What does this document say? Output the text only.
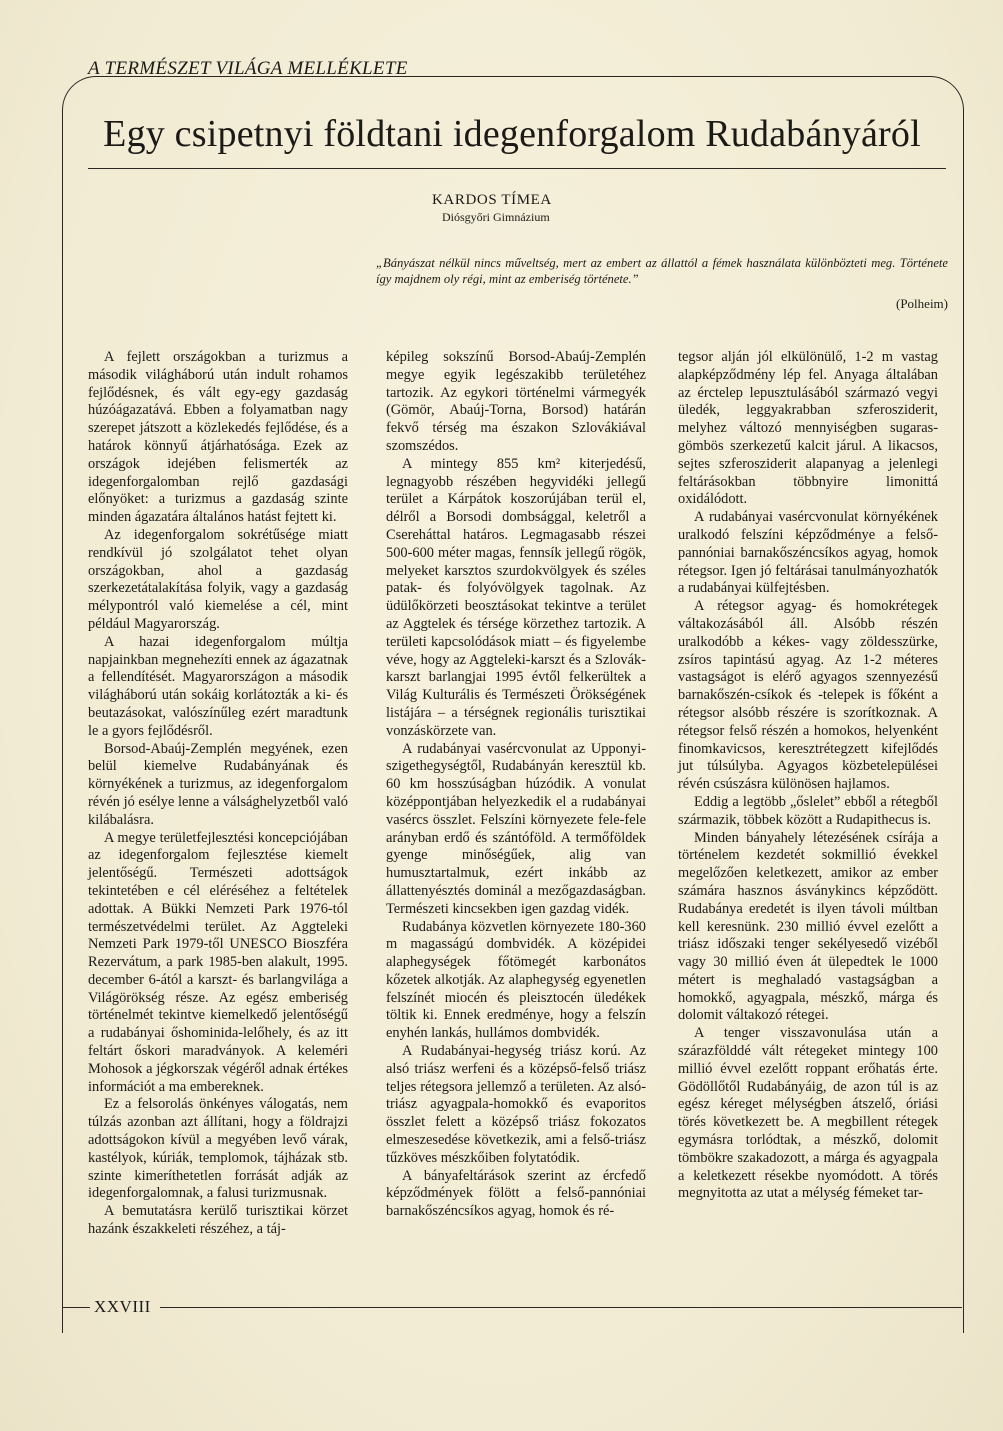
A TERMÉSZET VILÁGA MELLÉKLETE
XXVIII
Egy csipetnyi földtani idegenforgalom Rudabányáról
KARDOS TÍMEA
Diósgyőri Gimnázium
„Bányászat nélkül nincs műveltség, mert az embert az állattól a fémek használata különbözteti meg. Története így majdnem oly régi, mint az emberiség története.”
(Polheim)

A fejlett országokban a turizmus a második világháború után indult rohamos fejlődésnek, és vált egy-egy gazdaság húzóágazatává. Ebben a folyamatban nagy szerepet játszott a közlekedés fejlődése, és a határok könnyű átjárhatósága. Ezek az országok idejében felismerték az idegenforgalomban rejlő gazdasági előnyöket: a turizmus a gazdaság szinte minden ágazatára általános hatást fejtett ki.

Az idegenforgalom sokrétűsége miatt rendkívül jó szolgálatot tehet olyan országokban, ahol a gazdaság szerkezetátalakítása folyik, vagy a gazdaság mélypontról való kiemelése a cél, mint például Magyarország.

A hazai idegenforgalom múltja napjainkban megnehezíti ennek az ágazatnak a fellendítését. Magyarországon a második világháború után sokáig korlátozták a ki- és beutazásokat, valószínűleg ezért maradtunk le a gyors fejlődésről.

Borsod-Abaúj-Zemplén megyének, ezen belül kiemelve Rudabányának és környékének a turizmus, az idegenforgalom révén jó esélye lenne a válsághelyzetből való kilábalásra.

A megye területfejlesztési koncepciójában az idegenforgalom fejlesztése kiemelt jelentőségű. Természeti adottságok tekintetében e cél eléréséhez a feltételek adottak. A Bükki Nemzeti Park 1976-tól természetvédelmi terület. Az Aggteleki Nemzeti Park 1979-től UNESCO Bioszféra Rezervátum, a park 1985-ben alakult, 1995. december 6-ától a karszt- és barlangvilága a Világörökség része. Az egész emberiség történelmét tekintve kiemelkedő jelentőségű a rudabányai őshominida-lelőhely, és az itt feltárt őskori maradványok. A keleméri Mohosok a jégkorszak végéről adnak értékes információt a ma embereknek.

Ez a felsorolás önkényes válogatás, nem túlzás azonban azt állítani, hogy a földrajzi adottságokon kívül a megyében levő várak, kastélyok, kúriák, templomok, tájházak stb. szinte kimeríthetetlen forrását adják az idegenforgalomnak, a falusi turizmusnak.

A bemutatásra kerülő turisztikai körzet hazánk északkeleti részéhez, a táj-

képileg sokszínű Borsod-Abaúj-Zemplén megye egyik legészakibb területéhez tartozik. Az egykori történelmi vármegyék (Gömör, Abaúj-Torna, Borsod) határán fekvő térség ma északon Szlovákiával szomszédos.

A mintegy 855 km² kiterjedésű, legnagyobb részében hegyvidéki jellegű terület a Kárpátok koszorújában terül el, délről a Borsodi dombsággal, keletről a Csereháttal határos. Legmagasabb részei 500-600 méter magas, fennsík jellegű rögök, melyeket karsztos szurdokvölgyek és széles patak- és folyóvölgyek tagolnak. Az üdülőkörzeti beosztásokat tekintve a terület az Aggtelek és térsége körzethez tartozik. A területi kapcsolódások miatt – és figyelembe véve, hogy az Aggteleki-karszt és a Szlovák-karszt barlangjai 1995 évtől felkerültek a Világ Kulturális és Természeti Örökségének listájára – a térségnek regionális turisztikai vonzáskörzete van.

A rudabányai vasércvonulat az Upponyi-szigethegységtől, Rudabányán keresztül kb. 60 km hosszúságban húzódik. A vonulat középpontjában helyezkedik el a rudabányai vasércs összlet. Felszíni környezete fele-fele arányban erdő és szántóföld. A termőföldek gyenge minőségűek, alig van humusztartalmuk, ezért inkább az állattenyésztés dominál a mezőgazdaságban. Természeti kincsekben igen gazdag vidék.

Rudabánya közvetlen környezete 180-360 m magasságú dombvidék. A középidei alaphegységek főtömegét karbonátos kőzetek alkotják. Az alaphegység egyenetlen felszínét miocén és pleisztocén üledékek töltik ki. Ennek eredménye, hogy a felszín enyhén lankás, hullámos dombvidék.

A Rudabányai-hegység triász korú. Az alsó triász werfeni és a középső-felső triász teljes rétegsora jellemző a területen. Az alsó-triász agyagpala-homokkő és evaporitos összlet felett a középső triász fokozatos elmeszesedése következik, ami a felső-triász tűzköves mészkőiben folytatódik.

A bányafeltárások szerint az ércfedő képződmények fölött a felső-pannóniai barnakőszéncsíkos agyag, homok és ré-

tegsor alján jól elkülönülő, 1-2 m vastag alapképződmény lép fel. Anyaga általában az érctelep lepusztulásából származó vegyi üledék, leggyakrabban szferosziderit, melyhez változó mennyiségben sugaras-gömbös szerkezetű kalcit járul. A likacsos, sejtes szferosziderit alapanyag a jelenlegi feltárásokban többnyire limonittá oxidálódott.

A rudabányai vasércvonulat környékének uralkodó felszíni képződménye a felső-pannóniai barnakőszéncsíkos agyag, homok rétegsor. Igen jó feltárásai tanulmányozhatók a rudabányai külfejtésben.

A rétegsor agyag- és homokrétegek váltakozásából áll. Alsóbb részén uralkodóbb a kékes- vagy zöldesszürke, zsíros tapintású agyag. Az 1-2 méteres vastagságot is elérő agyagos szennyezésű barnakőszén-csíkok és -telepek is főként a rétegsor alsóbb részére is szorítkoznak. A rétegsor felső részén a homokos, helyenként finomkavicsos, keresztrétegzett kifejlődés jut túlsúlyba. Agyagos közbetelepülései révén csúszásra különösen hajlamos.

Eddig a legtöbb „őslelet” ebből a rétegből származik, többek között a Rudapithecus is.

Minden bányahely létezésének csírája a történelem kezdetét sokmillió évekkel megelőzően keletkezett, amikor az ember számára hasznos ásványkincs képződött. Rudabánya eredetét is ilyen távoli múltban kell keresnünk. 230 millió évvel ezelőtt a triász időszaki tenger sekélyesedő vizéből vagy 30 millió éven át ülepedtek le 1000 métert is meghaladó vastagságban a homokkő, agyagpala, mészkő, márga és dolomit váltakozó rétegei.

A tenger visszavonulása után a szárazfölddé vált rétegeket mintegy 100 millió évvel ezelőtt roppant erőhatás érte. Gödöllőtől Rudabányáig, de azon túl is az egész kéreget mélységben átszelő, óriási törés következett be. A megbillent rétegek egymásra torlódtak, a mészkő, dolomit tömbökre szakadozott, a márga és agyagpala a keletkezett résekbe nyomódott. A törés megnyitotta az utat a mélység fémeket tar-
